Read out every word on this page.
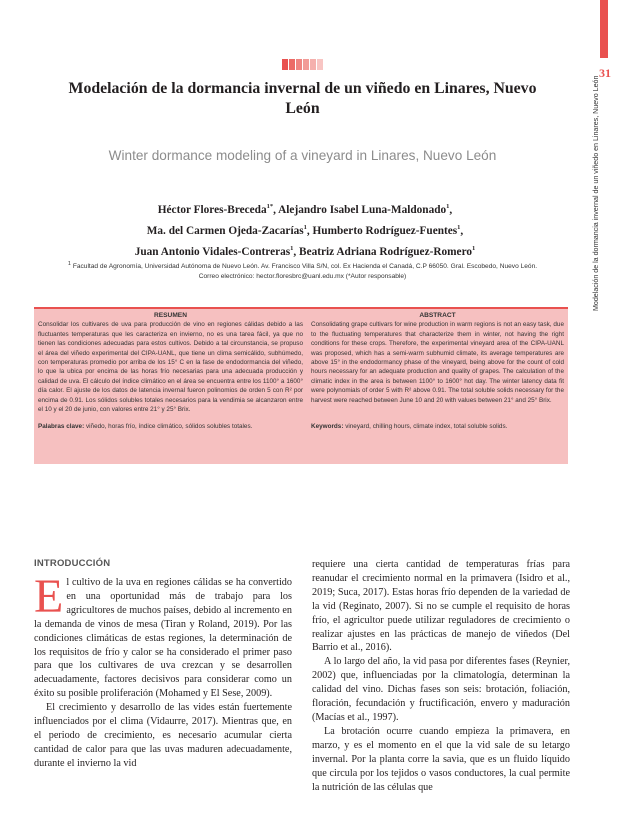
31
Modelación de la dormancia invernal de un viñedo en Linares, Nuevo León
Modelación de la dormancia invernal de un viñedo en Linares, Nuevo León
Winter dormance modeling of a vineyard in Linares, Nuevo León
Héctor Flores-Breceda$^{1*}$, Alejandro Isabel Luna-Maldonado$^1$,
Ma. del Carmen Ojeda-Zacarías$^1$, Humberto Rodríguez-Fuentes$^1$,
Juan Antonio Vidales-Contreras$^1$, Beatriz Adriana Rodríguez-Romero$^1$
$^1$ Facultad de Agronomía, Universidad Autónoma de Nuevo León. Av. Francisco Villa S/N, col. Ex Hacienda el Canadá, C.P 66050. Gral. Escobedo, Nuevo León.
Correo electrónico: hector.floresbrc@uanl.edu.mx (*Autor responsable)
RESUMEN
Consolidar los cultivares de uva para producción de vino en regiones cálidas debido a las fluctuantes temperaturas que les caracteriza en invierno, no es una tarea fácil, ya que no tienen las condiciones adecuadas para estos cultivos. Debido a tal circunstancia, se propuso el área del viñedo experimental del CIPA-UANL, que tiene un clima semicálido, subhúmedo, con temperaturas promedio por arriba de los 15° C en la fase de endodormancia del viñedo, lo que la ubica por encima de las horas frío necesarias para una adecuada producción y calidad de uva. El cálculo del índice climático en el área se encuentra entre los 1100° a 1600° día calor. El ajuste de los datos de latencia invernal fueron polinomios de orden 5 con R² por encima de 0.91. Los sólidos solubles totales necesarios para la vendimia se alcanzaron entre el 10 y el 20 de junio, con valores entre 21° y 25° Brix.
Palabras clave: viñedo, horas frío, índice climático, sólidos solubles totales.
ABSTRACT
Consolidating grape cultivars for wine production in warm regions is not an easy task, due to the fluctuating temperatures that characterize them in winter, not having the right conditions for these crops. Therefore, the experimental vineyard area of the CIPA-UANL was proposed, which has a semi-warm subhumid climate, its average temperatures are above 15° in the endodormancy phase of the vineyard, being above for the count of cold hours necessary for an adequate production and quality of grapes. The calculation of the climatic index in the area is between 1100° to 1600° hot day. The winter latency data fit were polynomials of order 5 with R² above 0.91. The total soluble solids necessary for the harvest were reached between June 10 and 20 with values between 21° and 25° Brix.
Keywords: vineyard, chilling hours, climate index, total soluble solids.
INTRODUCCIÓN

El cultivo de la uva en regiones cálidas se ha convertido en una oportunidad más de trabajo para los agricultores de muchos países, debido al incremento en la demanda de vinos de mesa (Tiran y Roland, 2019). Por las condiciones climáticas de estas regiones, la determinación de los requisitos de frío y calor se ha considerado el primer paso para que los cultivares de uva crezcan y se desarrollen adecuadamente, factores decisivos para considerar como un éxito su posible proliferación (Mohamed y El Sese, 2009).

El crecimiento y desarrollo de las vides están fuertemente influenciados por el clima (Vidaurre, 2017). Mientras que, en el periodo de crecimiento, es necesario acumular cierta cantidad de calor para que las uvas maduren adecuadamente, durante el invierno la vid

requiere una cierta cantidad de temperaturas frías para reanudar el crecimiento normal en la primavera (Isidro et al., 2019; Suca, 2017). Estas horas frío dependen de la variedad de la vid (Reginato, 2007). Si no se cumple el requisito de horas frío, el agricultor puede utilizar reguladores de crecimiento o realizar ajustes en las prácticas de manejo de viñedos (Del Barrio et al., 2016).

A lo largo del año, la vid pasa por diferentes fases (Reynier, 2002) que, influenciadas por la climatología, determinan la calidad del vino. Dichas fases son seis: brotación, foliación, floración, fecundación y fructificación, envero y maduración (Macías et al., 1997).

La brotación ocurre cuando empieza la primavera, en marzo, y es el momento en el que la vid sale de su letargo invernal. Por la planta corre la savia, que es un fluido líquido que circula por los tejidos o vasos conductores, la cual permite la nutrición de las células que
